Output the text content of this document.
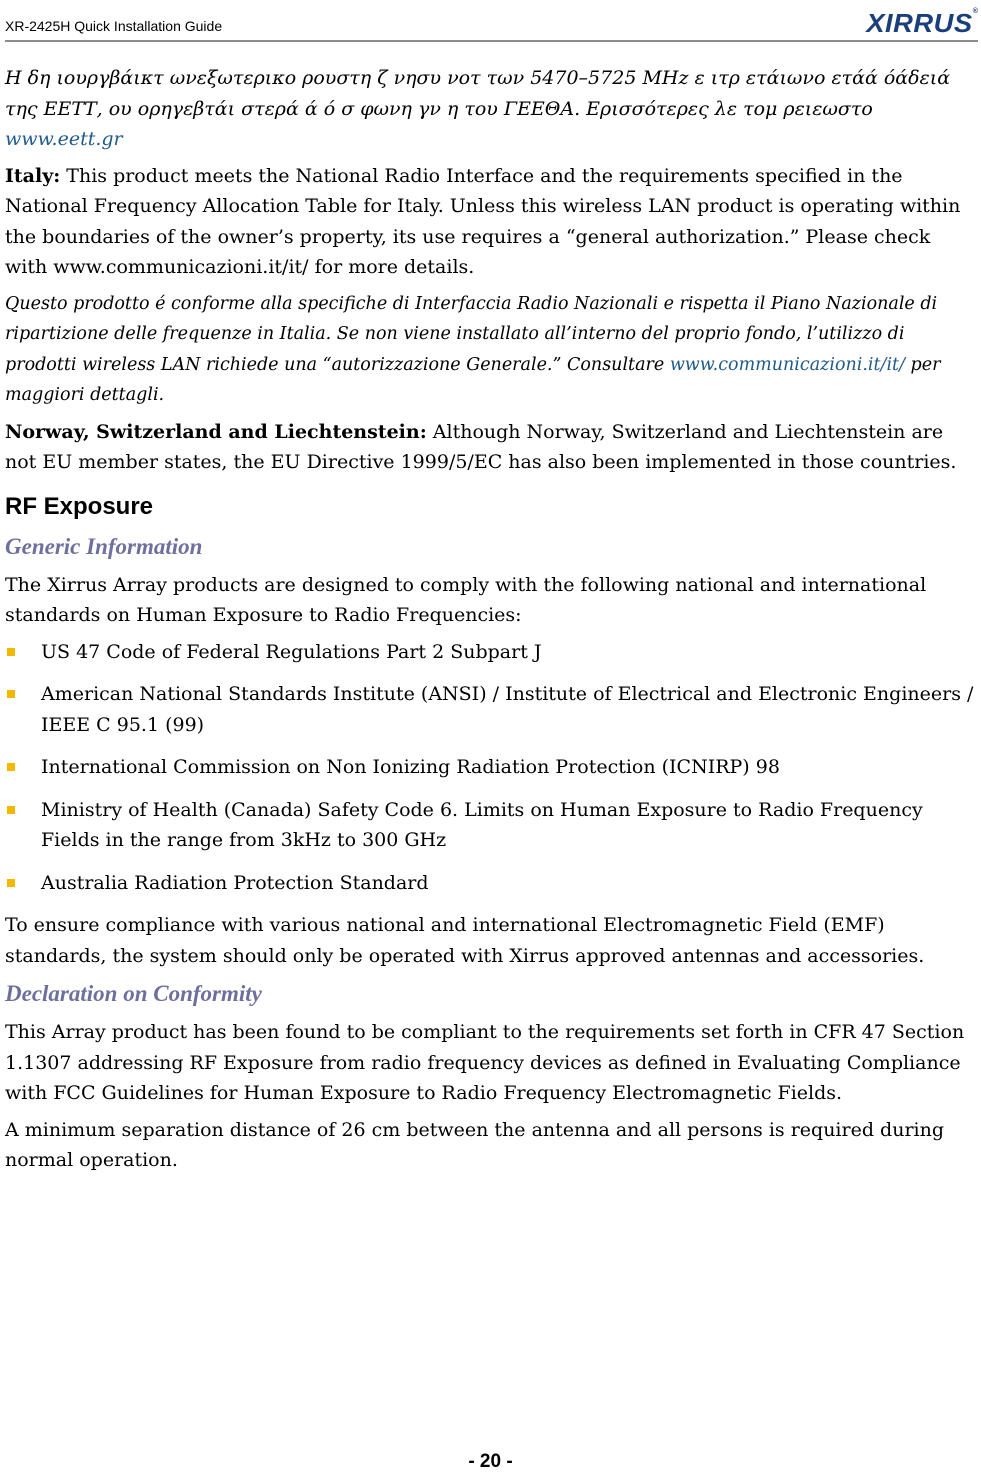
XR-2425H Quick Installation Guide	XIRRUS®

Η δη ιουργβάικτ ωνεξωτερικο ρουστη ζ νησυ νοτ των 5470–5725 MHz ε ιτρ ετάιωνο ετάά όάδειά της ΕΕΤΤ, ου ορηγεβτάι στερά ά ό σ φωνη γν η του ΓΕΕΘΑ. Ερισσότερες λε τομ ρειεωστο www.eett.gr

Italy: This product meets the National Radio Interface and the requirements specified in the National Frequency Allocation Table for Italy. Unless this wireless LAN product is operating within the boundaries of the owner’s property, its use requires a “general authorization.” Please check with www.communicazioni.it/it/ for more details.

Questo prodotto é conforme alla specifiche di Interfaccia Radio Nazionali e rispetta il Piano Nazionale di ripartizione delle frequenze in Italia. Se non viene installato all’interno del proprio fondo, l’utilizzo di prodotti wireless LAN richiede una “autorizzazione Generale.” Consultare www.communicazioni.it/it/ per maggiori dettagli.

Norway, Switzerland and Liechtenstein: Although Norway, Switzerland and Liechtenstein are not EU member states, the EU Directive 1999/5/EC has also been implemented in those countries.

RF Exposure
Generic Information

The Xirrus Array products are designed to comply with the following national and international standards on Human Exposure to Radio Frequencies:

US 47 Code of Federal Regulations Part 2 Subpart J
American National Standards Institute (ANSI) / Institute of Electrical and Electronic Engineers / IEEE C 95.1 (99)
International Commission on Non Ionizing Radiation Protection (ICNIRP) 98
Ministry of Health (Canada) Safety Code 6. Limits on Human Exposure to Radio Frequency Fields in the range from 3kHz to 300 GHz
Australia Radiation Protection Standard

To ensure compliance with various national and international Electromagnetic Field (EMF) standards, the system should only be operated with Xirrus approved antennas and accessories.

Declaration on Conformity

This Array product has been found to be compliant to the requirements set forth in CFR 47 Section 1.1307 addressing RF Exposure from radio frequency devices as defined in Evaluating Compliance with FCC Guidelines for Human Exposure to Radio Frequency Electromagnetic Fields.

A minimum separation distance of 26 cm between the antenna and all persons is required during normal operation.

- 20 -
